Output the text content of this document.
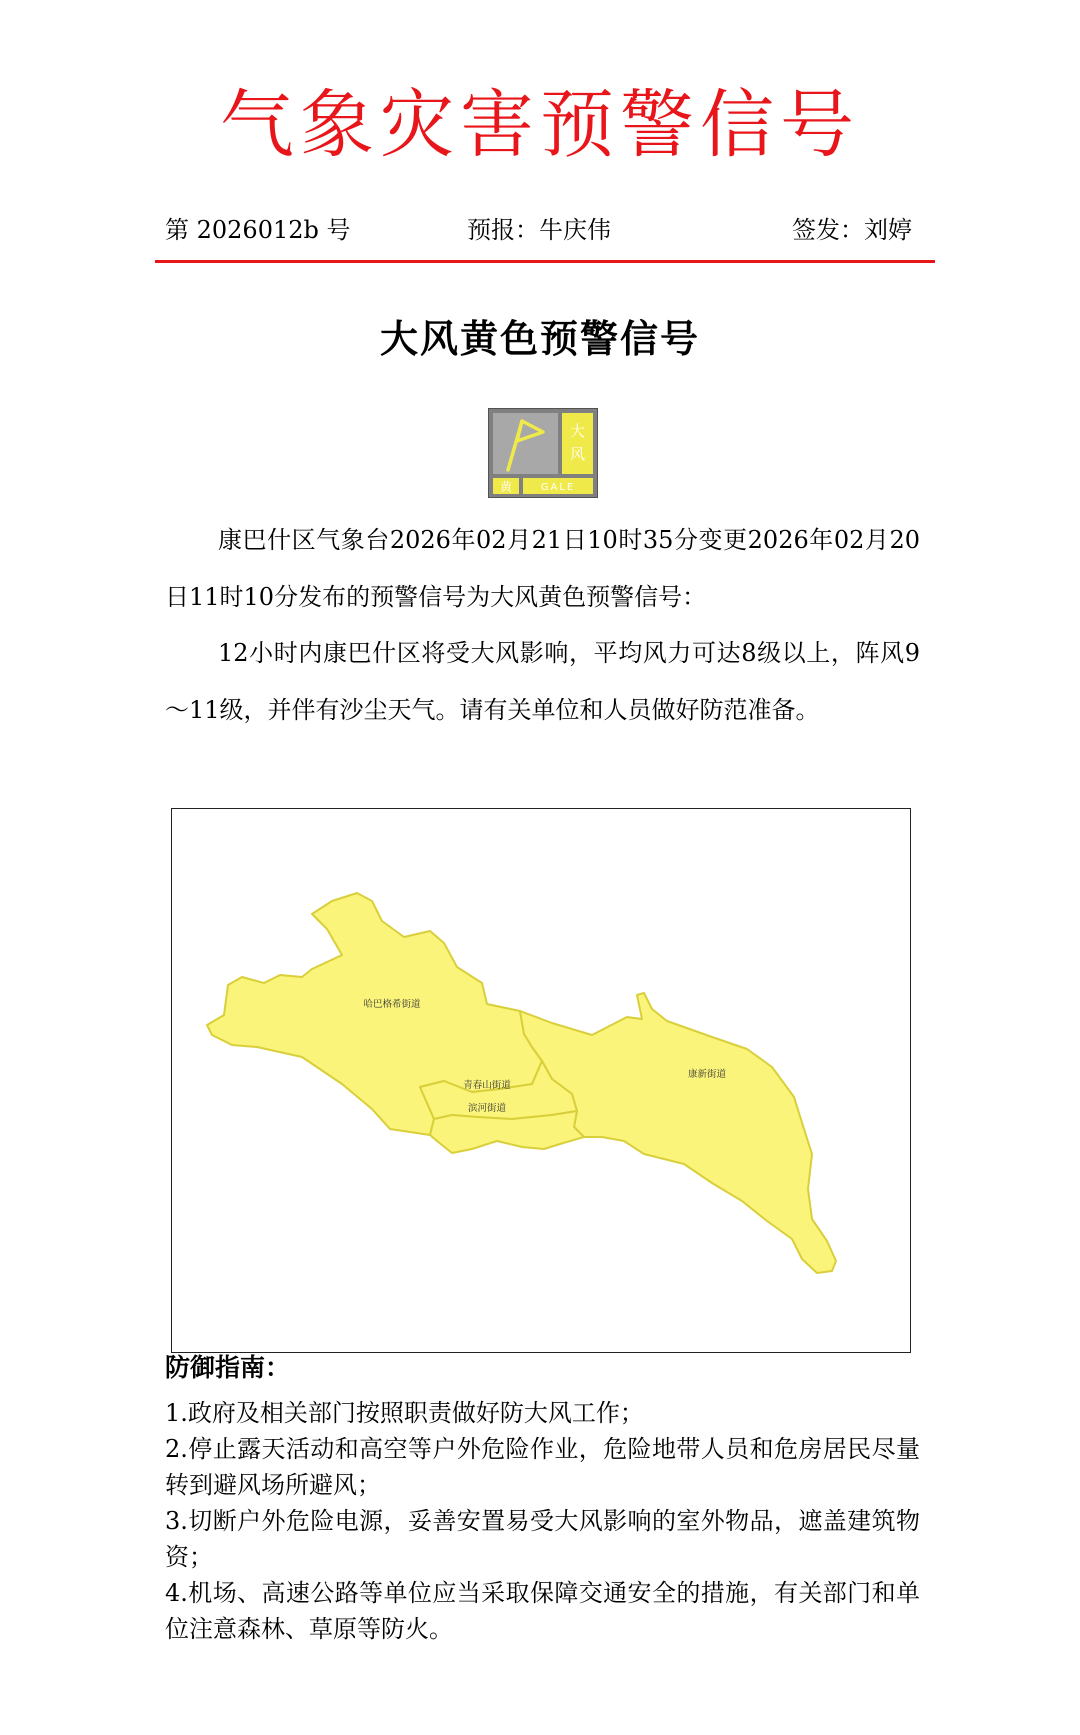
气象灾害预警信号
第 2026012b 号	预报：牛庆伟	签发：刘婷
大风黄色预警信号
大
风
黄	GALE
康巴什区气象台2026年02月21日10时35分变更2026年02月20日11时10分发布的预警信号为大风黄色预警信号：
12小时内康巴什区将受大风影响，平均风力可达8级以上，阵风9～11级，并伴有沙尘天气。请有关单位和人员做好防范准备。
哈巴格希街道
青春山街道
滨河街道
康新街道
防御指南：
1.政府及相关部门按照职责做好防大风工作；
2.停止露天活动和高空等户外危险作业，危险地带人员和危房居民尽量转到避风场所避风；
3.切断户外危险电源，妥善安置易受大风影响的室外物品，遮盖建筑物资；
4.机场、高速公路等单位应当采取保障交通安全的措施，有关部门和单位注意森林、草原等防火。
